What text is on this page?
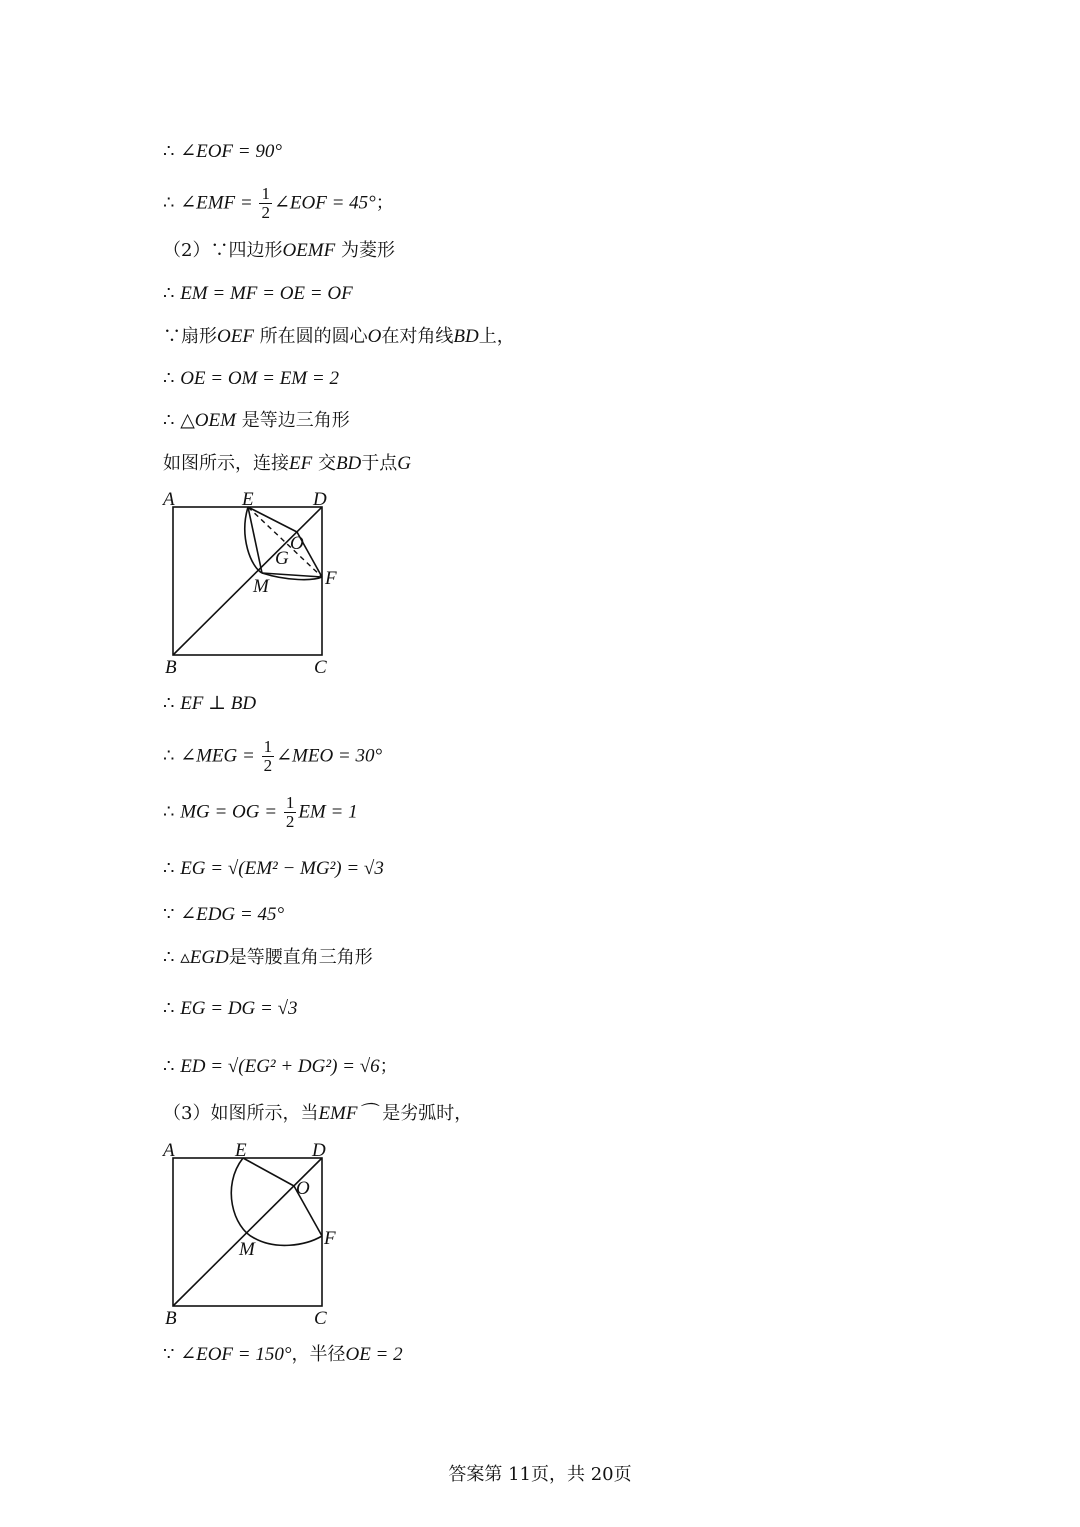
∴ ∠EOF = 90°
∴ ∠EMF = $\frac{1}{2}$ ∠EOF = 45°；
（2）∵四边形OEMF 为菱形
∴ EM = MF = OE = OF
∵扇形OEF 所在圆的圆心O在对角线BD上，
∴ OE = OM = EM = 2
∴ △OEM 是等边三角形
如图所示，连接EF 交BD于点G
A	E	D
O
G
M	F
B	C
∴ EF ⊥ BD
∴ ∠MEG = $\frac{1}{2}$ ∠MEO = 30°
∴ MG = OG = $\frac{1}{2}$ EM = 1
∴ EG = √(EM² − MG²) = √3
∵ ∠EDG = 45°
∴ ▵EGD是等腰直角三角形
∴ EG = DG = √3
∴ ED = √(EG² + DG²) = √6；
（3）如图所示，当EMF⌒ 是劣弧时，
A	E	D
O
M
F
B	C
∵ ∠EOF = 150°，半径OE = 2
答案第 11页，共 20页
